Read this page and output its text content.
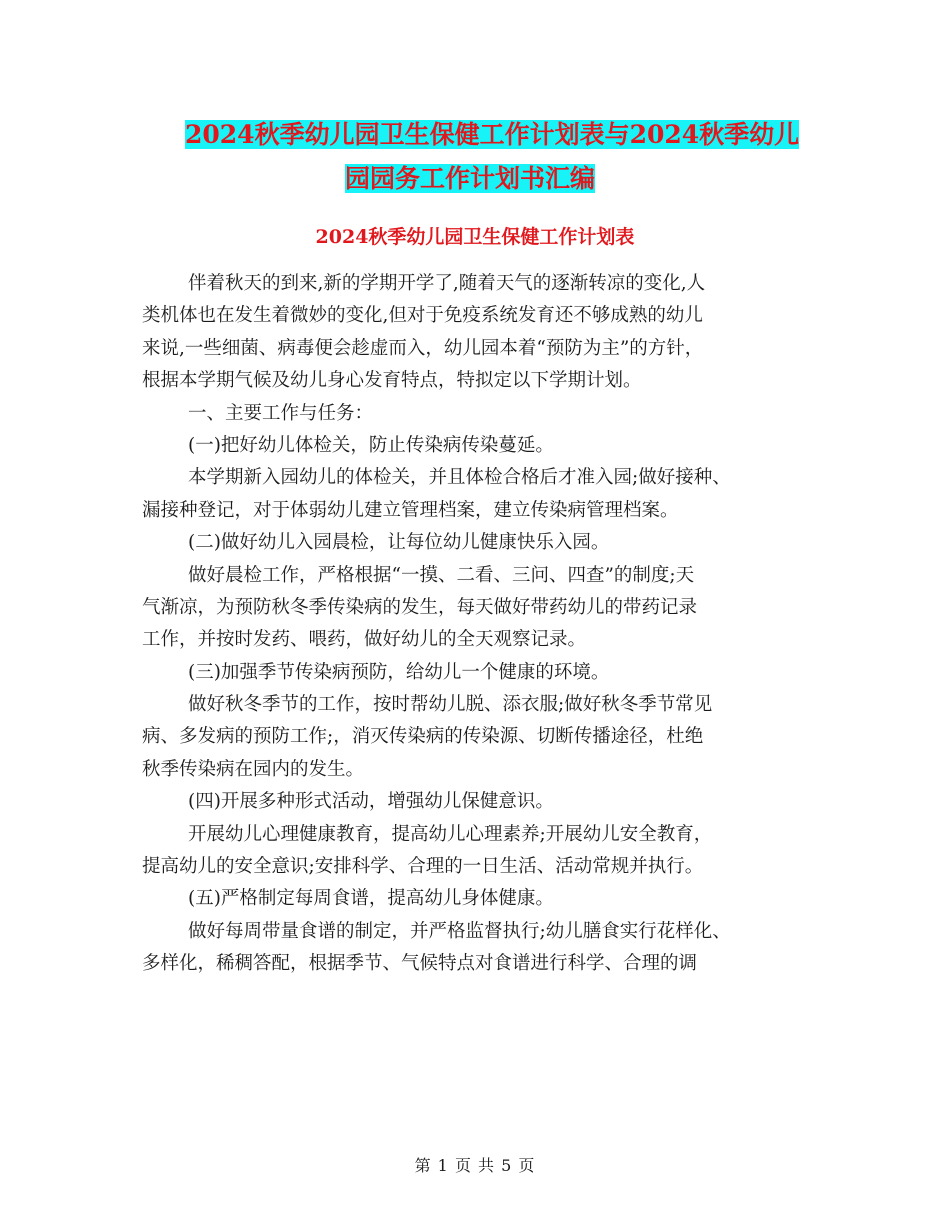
2024秋季幼儿园卫生保健工作计划表与2024秋季幼儿
园园务工作计划书汇编
2024秋季幼儿园卫生保健工作计划表
伴着秋天的到来,新的学期开学了,随着天气的逐渐转凉的变化,人
类机体也在发生着微妙的变化,但对于免疫系统发育还不够成熟的幼儿
来说,一些细菌、病毒便会趁虚而入，幼儿园本着“预防为主”的方针，
根据本学期气候及幼儿身心发育特点，特拟定以下学期计划。
一、主要工作与任务：
(一)把好幼儿体检关，防止传染病传染蔓延。
本学期新入园幼儿的体检关，并且体检合格后才准入园;做好接种、
漏接种登记，对于体弱幼儿建立管理档案，建立传染病管理档案。
(二)做好幼儿入园晨检，让每位幼儿健康快乐入园。
做好晨检工作，严格根据“一摸、二看、三问、四查”的制度;天
气渐凉，为预防秋冬季传染病的发生，每天做好带药幼儿的带药记录
工作，并按时发药、喂药，做好幼儿的全天观察记录。
(三)加强季节传染病预防，给幼儿一个健康的环境。
做好秋冬季节的工作，按时帮幼儿脱、添衣服;做好秋冬季节常见
病、多发病的预防工作;，消灭传染病的传染源、切断传播途径，杜绝
秋季传染病在园内的发生。
(四)开展多种形式活动，增强幼儿保健意识。
开展幼儿心理健康教育，提高幼儿心理素养;开展幼儿安全教育，
提高幼儿的安全意识;安排科学、合理的一日生活、活动常规并执行。
(五)严格制定每周食谱，提高幼儿身体健康。
做好每周带量食谱的制定，并严格监督执行;幼儿膳食实行花样化、
多样化，稀稠答配，根据季节、气候特点对食谱进行科学、合理的调
第 1 页 共 5 页
